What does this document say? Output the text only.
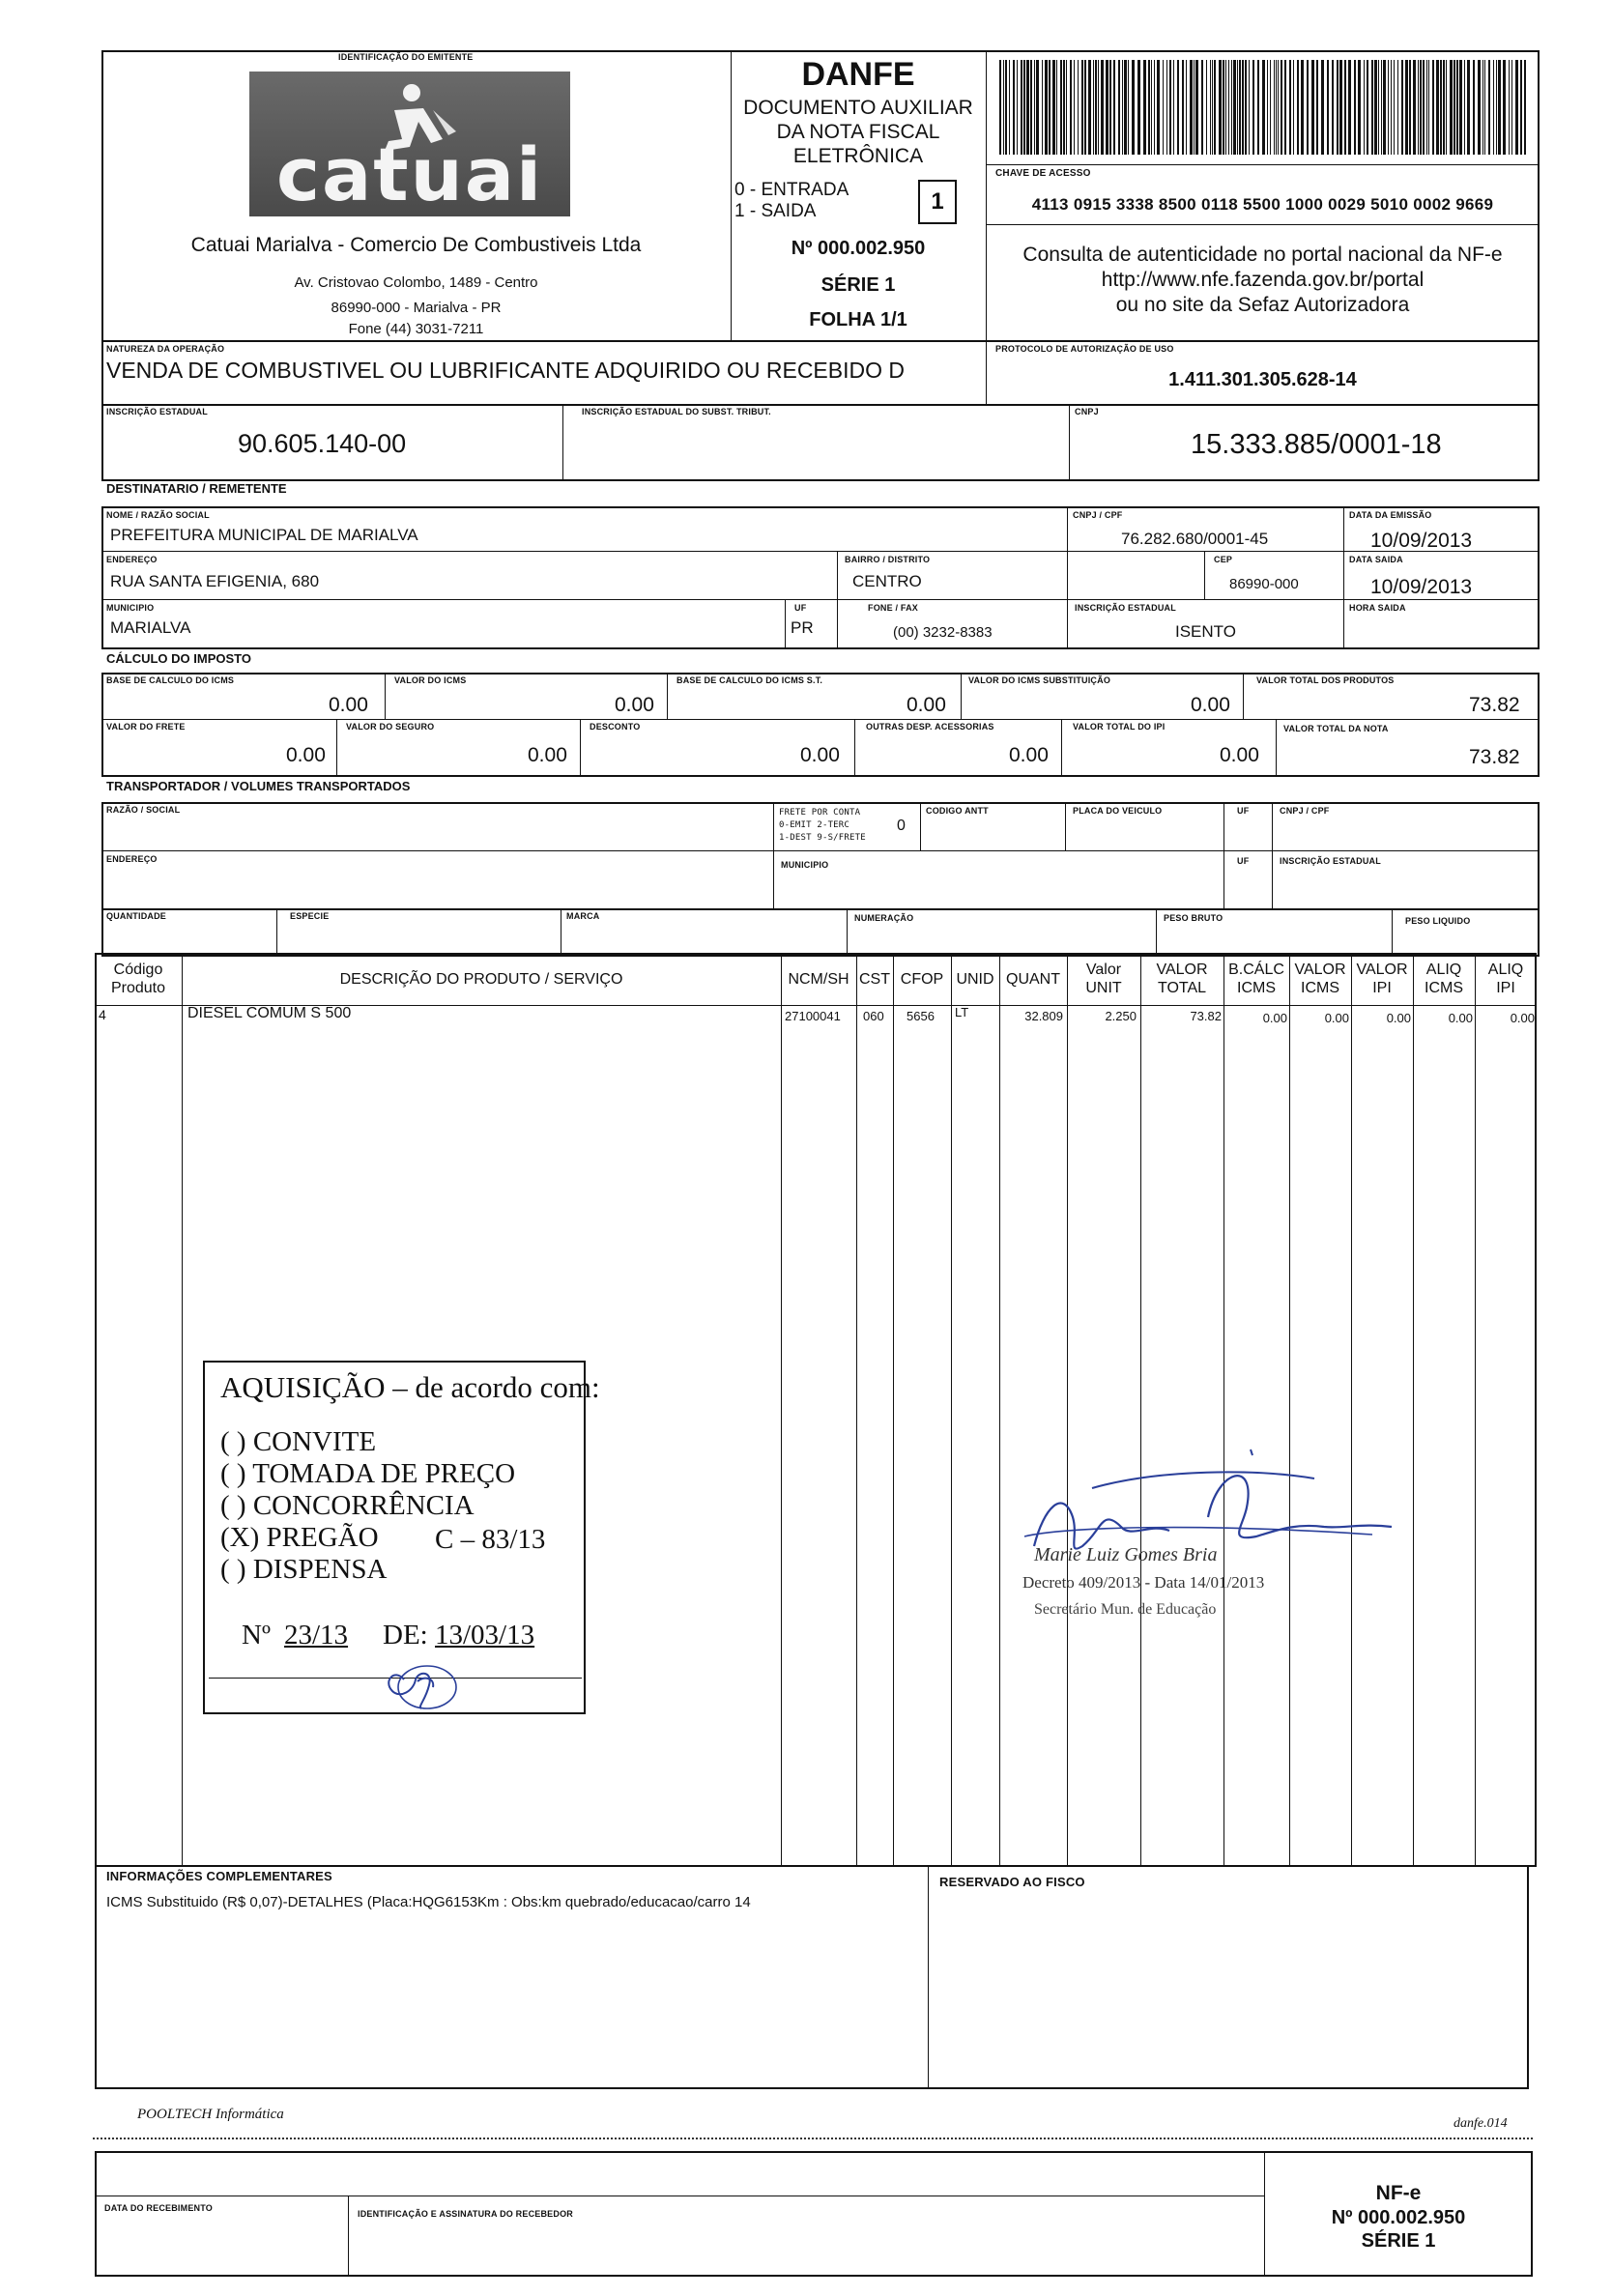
IDENTIFICAÇÃO DO EMITENTE
catuai
Catuai Marialva - Comercio De Combustiveis Ltda
Av. Cristovao Colombo, 1489 - Centro
86990-000 - Marialva - PR
Fone (44) 3031-7211
DANFE
DOCUMENTO AUXILIAR
DA NOTA FISCAL
ELETRÔNICA
0 - ENTRADA
1 - SAIDA	1
Nº 000.002.950
SÉRIE 1
FOLHA 1/1
CHAVE DE ACESSO
4113 0915 3338 8500 0118 5500 1000 0029 5010 0002 9669
Consulta de autenticidade no portal nacional da NF-e
http://www.nfe.fazenda.gov.br/portal
ou no site da Sefaz Autorizadora
NATUREZA DA OPERAÇÃO
VENDA DE COMBUSTIVEL OU LUBRIFICANTE ADQUIRIDO OU RECEBIDO D
PROTOCOLO DE AUTORIZAÇÃO DE USO
1.411.301.305.628-14
INSCRIÇÃO ESTADUAL
90.605.140-00
INSCRIÇÃO ESTADUAL DO SUBST. TRIBUT.	CNPJ
15.333.885/0001-18
DESTINATARIO / REMETENTE
NOME / RAZÃO SOCIAL
PREFEITURA MUNICIPAL DE MARIALVA
CNPJ / CPF
76.282.680/0001-45
DATA DA EMISSÃO
10/09/2013
ENDEREÇO
RUA SANTA EFIGENIA, 680
BAIRRO / DISTRITO
CENTRO
CEP
86990-000
DATA SAIDA
10/09/2013
MUNICIPIO
MARIALVA
UF
PR
FONE / FAX
(00) 3232-8383
INSCRIÇÃO ESTADUAL
ISENTO
HORA SAIDA
CÁLCULO DO IMPOSTO
BASE DE CALCULO DO ICMS
0.00
VALOR DO ICMS
0.00
BASE DE CALCULO DO ICMS S.T.
0.00
VALOR DO ICMS SUBSTITUIÇÃO
0.00
VALOR TOTAL DOS PRODUTOS
73.82
VALOR DO FRETE
0.00
VALOR DO SEGURO
0.00
DESCONTO
0.00
OUTRAS DESP. ACESSORIAS
0.00
VALOR TOTAL DO IPI
0.00
VALOR TOTAL DA NOTA
73.82
TRANSPORTADOR / VOLUMES TRANSPORTADOS
RAZÃO / SOCIAL	FRETE POR CONTA
0-EMIT 2-TERC
1-DEST 9-S/FRETE
0
CODIGO ANTT	PLACA DO VEICULO	UF	CNPJ / CPF
ENDEREÇO
MUNICIPIO	UF	INSCRIÇÃO ESTADUAL
QUANTIDADE	ESPECIE	MARCA	NUMERAÇÃO	PESO BRUTO	PESO LIQUIDO
Código Produto
DESCRIÇÃO DO PRODUTO / SERVIÇO	NCM/SH CST CFOP UNID QUANT
Valor UNIT
VALOR TOTAL
B.CÁLC ICMS
VALOR ICMS
VALOR IPI
ALIQ ICMS
ALIQ IPI
4	DIESEL COMUM S 500	27100041 060 5656 LT	32.809	2.250	73.82	0.00	0.00	0.00	0.00	0.00
AQUISIÇÃO – de acordo com:
( ) CONVITE
( ) TOMADA DE PREÇO
( ) CONCORRÊNCIA
(X) PREGÃO C – 83/13
( ) DISPENSA
Nº 23/13 DE: 13/03/13
Marie Luiz Gomes Bria
Decreto 409/2013 - Data 14/01/2013
Secretário Mun. de Educação
INFORMAÇÕES COMPLEMENTARES
ICMS Substituido (R$ 0,07)-DETALHES (Placa:HQG6153Km : Obs:km quebrado/educacao/carro 14
RESERVADO AO FISCO
POOLTECH Informática
danfe.014
DATA DO RECEBIMENTO
IDENTIFICAÇÃO E ASSINATURA DO RECEBEDOR
NF-e
Nº 000.002.950
SÉRIE 1
